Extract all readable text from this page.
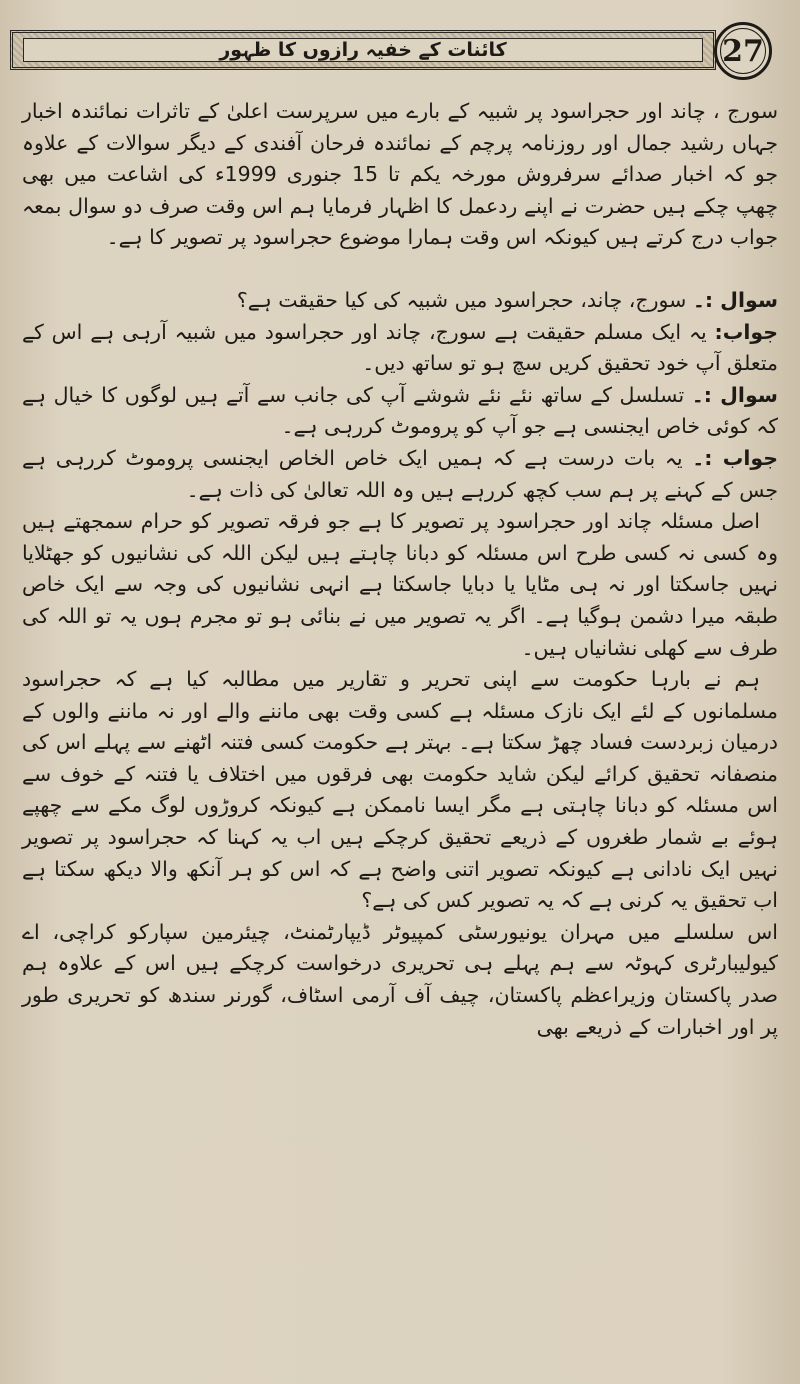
کائنات کے خفیہ رازوں کا ظہور	27

سورج ، چاند اور حجراسود پر شبیہ کے بارے میں سرپرست اعلیٰ کے تاثرات نمائندہ اخبار جہاں رشید جمال اور روزنامہ پرچم کے نمائندہ فرحان آفندی کے دیگر سوالات کے علاوہ جو کہ اخبار صدائے سرفروش مورخہ یکم تا 15 جنوری 1999ء کی اشاعت میں بھی چھپ چکے ہیں حضرت نے اپنے ردعمل کا اظہار فرمایا ہم اس وقت صرف دو سوال بمعہ جواب درج کرتے ہیں کیونکہ اس وقت ہمارا موضوع حجراسود پر تصویر کا ہے۔

سوال :۔ سورج، چاند، حجراسود میں شبیہ کی کیا حقیقت ہے؟

جواب: یہ ایک مسلم حقیقت ہے سورج، چاند اور حجراسود میں شبیہ آرہی ہے اس کے متعلق آپ خود تحقیق کریں سچ ہو تو ساتھ دیں۔

سوال :۔ تسلسل کے ساتھ نئے نئے شوشے آپ کی جانب سے آتے ہیں لوگوں کا خیال ہے کہ کوئی خاص ایجنسی ہے جو آپ کو پروموٹ کررہی ہے۔

جواب :۔ یہ بات درست ہے کہ ہمیں ایک خاص الخاص ایجنسی پروموٹ کررہی ہے جس کے کہنے پر ہم سب کچھ کررہے ہیں وہ اللہ تعالیٰ کی ذات ہے۔

اصل مسئلہ چاند اور حجراسود پر تصویر کا ہے جو فرقہ تصویر کو حرام سمجھتے ہیں وہ کسی نہ کسی طرح اس مسئلہ کو دبانا چاہتے ہیں لیکن اللہ کی نشانیوں کو جھٹلایا نہیں جاسکتا اور نہ ہی مٹایا یا دبایا جاسکتا ہے انہی نشانیوں کی وجہ سے ایک خاص طبقہ میرا دشمن ہوگیا ہے۔ اگر یہ تصویر میں نے بنائی ہو تو مجرم ہوں یہ تو اللہ کی طرف سے کھلی نشانیاں ہیں۔

ہم نے بارہا حکومت سے اپنی تحریر و تقاریر میں مطالبہ کیا ہے کہ حجراسود مسلمانوں کے لئے ایک نازک مسئلہ ہے کسی وقت بھی ماننے والے اور نہ ماننے والوں کے درمیان زبردست فساد چھڑ سکتا ہے۔ بہتر ہے حکومت کسی فتنہ اٹھنے سے پہلے اس کی منصفانہ تحقیق کرائے لیکن شاید حکومت بھی فرقوں میں اختلاف یا فتنہ کے خوف سے اس مسئلہ کو دبانا چاہتی ہے مگر ایسا ناممکن ہے کیونکہ کروڑوں لوگ مکے سے چھپے ہوئے بے شمار طغروں کے ذریعے تحقیق کرچکے ہیں اب یہ کہنا کہ حجراسود پر تصویر نہیں ایک نادانی ہے کیونکہ تصویر اتنی واضح ہے کہ اس کو ہر آنکھ والا دیکھ سکتا ہے اب تحقیق یہ کرنی ہے کہ یہ تصویر کس کی ہے؟

اس سلسلے میں مہران یونیورسٹی کمپیوٹر ڈیپارٹمنٹ، چیئرمین سپارکو کراچی، اے کیولیبارٹری کہوٹہ سے ہم پہلے ہی تحریری درخواست کرچکے ہیں اس کے علاوہ ہم صدر پاکستان وزیراعظم پاکستان، چیف آف آرمی اسٹاف، گورنر سندھ کو تحریری طور پر اور اخبارات کے ذریعے بھی
